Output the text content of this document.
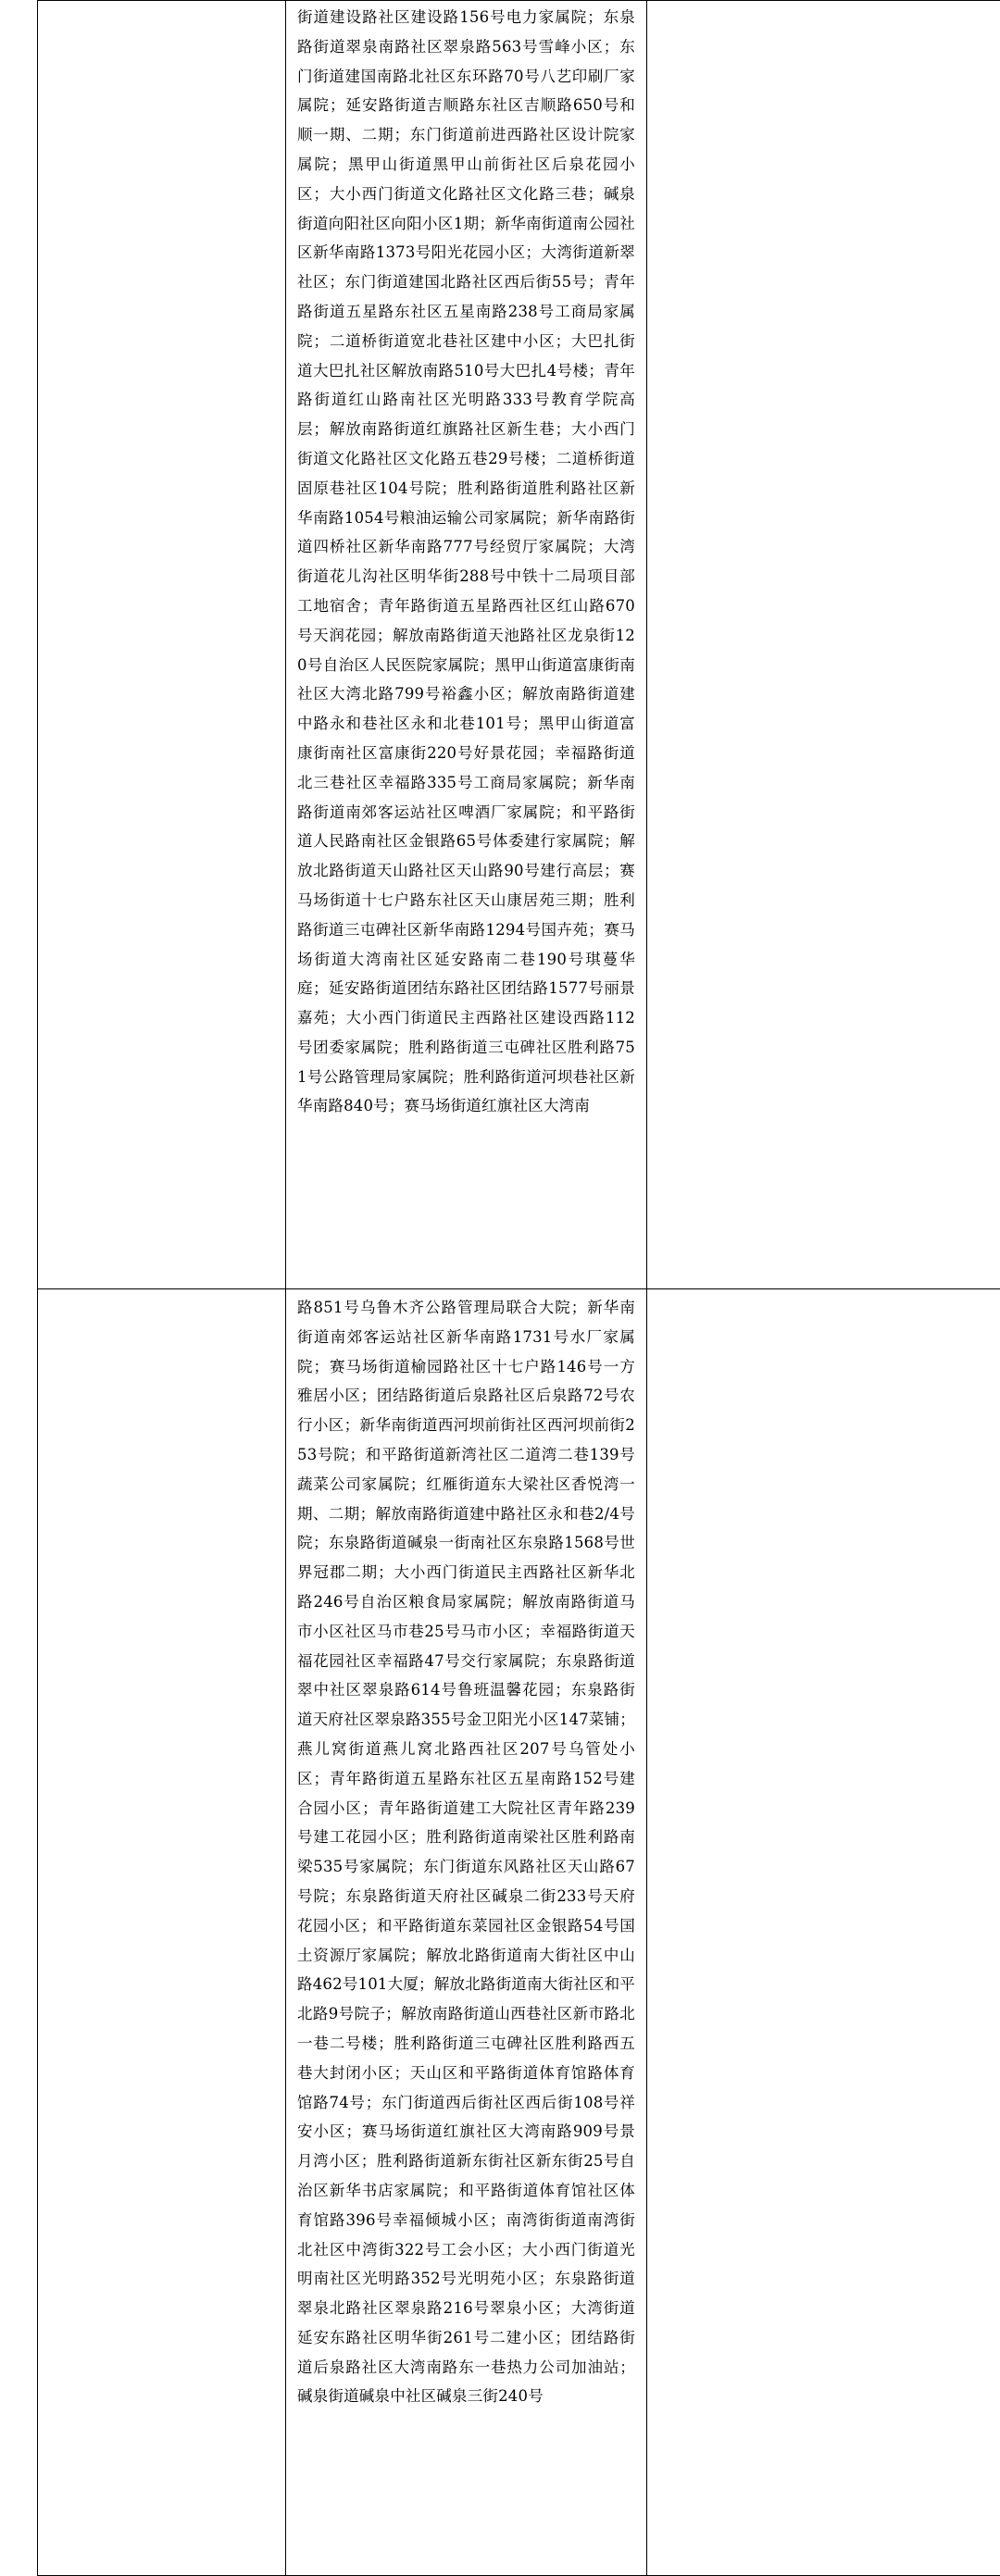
	街道建设路社区建设路156号电力家属院；东泉路街道翠泉南路社区翠泉路563号雪峰小区；东门街道建国南路北社区东环路70号八艺印刷厂家属院；延安路街道吉顺路东社区吉顺路650号和顺一期、二期；东门街道前进西路社区设计院家属院；黑甲山街道黑甲山前街社区后泉花园小区；大小西门街道文化路社区文化路三巷；碱泉街道向阳社区向阳小区1期；新华南街道南公园社区新华南路1373号阳光花园小区；大湾街道新翠社区；东门街道建国北路社区西后街55号；青年路街道五星路东社区五星南路238号工商局家属院；二道桥街道宽北巷社区建中小区；大巴扎街道大巴扎社区解放南路510号大巴扎4号楼；青年路街道红山路南社区光明路333号教育学院高层；解放南路街道红旗路社区新生巷；大小西门街道文化路社区文化路五巷29号楼；二道桥街道固原巷社区104号院；胜利路街道胜利路社区新华南路1054号粮油运输公司家属院；新华南路街道四桥社区新华南路777号经贸厅家属院；大湾街道花儿沟社区明华街288号中铁十二局项目部工地宿舍；青年路街道五星路西社区红山路670号天润花园；解放南路街道天池路社区龙泉街120号自治区人民医院家属院；黑甲山街道富康街南社区大湾北路799号裕鑫小区；解放南路街道建中路永和巷社区永和北巷101号；黑甲山街道富康街南社区富康街220号好景花园；幸福路街道北三巷社区幸福路335号工商局家属院；新华南路街道南郊客运站社区啤酒厂家属院；和平路街道人民路南社区金银路65号体委建行家属院；解放北路街道天山路社区天山路90号建行高层；赛马场街道十七户路东社区天山康居苑三期；胜利路街道三屯碑社区新华南路1294号国卉苑；赛马场街道大湾南社区延安路南二巷190号琪蔓华庭；延安路街道团结东路社区团结路1577号丽景嘉苑；大小西门街道民主西路社区建设西路112号团委家属院；胜利路街道三屯碑社区胜利路751号公路管理局家属院；胜利路街道河坝巷社区新华南路840号；赛马场街道红旗社区大湾南	

	路851号乌鲁木齐公路管理局联合大院；新华南街道南郊客运站社区新华南路1731号水厂家属院；赛马场街道榆园路社区十七户路146号一方雅居小区；团结路街道后泉路社区后泉路72号农行小区；新华南街道西河坝前街社区西河坝前街253号院；和平路街道新湾社区二道湾二巷139号蔬菜公司家属院；红雁街道东大梁社区香悦湾一期、二期；解放南路街道建中路社区永和巷2/4号院；东泉路街道碱泉一街南社区东泉路1568号世界冠郡二期；大小西门街道民主西路社区新华北路246号自治区粮食局家属院；解放南路街道马市小区社区马市巷25号马市小区；幸福路街道天福花园社区幸福路47号交行家属院；东泉路街道翠中社区翠泉路614号鲁班温馨花园；东泉路街道天府社区翠泉路355号金卫阳光小区147菜铺；燕儿窝街道燕儿窝北路西社区207号乌管处小区；青年路街道五星路东社区五星南路152号建合园小区；青年路街道建工大院社区青年路239号建工花园小区；胜利路街道南梁社区胜利路南梁535号家属院；东门街道东风路社区天山路67号院；东泉路街道天府社区碱泉二街233号天府花园小区；和平路街道东菜园社区金银路54号国土资源厅家属院；解放北路街道南大街社区中山路462号101大厦；解放北路街道南大街社区和平北路9号院子；解放南路街道山西巷社区新市路北一巷二号楼；胜利路街道三屯碑社区胜利路西五巷大封闭小区；天山区和平路街道体育馆路体育馆路74号；东门街道西后街社区西后街108号祥安小区；赛马场街道红旗社区大湾南路909号景月湾小区；胜利路街道新东街社区新东街25号自治区新华书店家属院；和平路街道体育馆社区体育馆路396号幸福倾城小区；南湾街街道南湾街北社区中湾街322号工会小区；大小西门街道光明南社区光明路352号光明苑小区；东泉路街道翠泉北路社区翠泉路216号翠泉小区；大湾街道延安东路社区明华街261号二建小区；团结路街道后泉路社区大湾南路东一巷热力公司加油站；碱泉街道碱泉中社区碱泉三街240号	
